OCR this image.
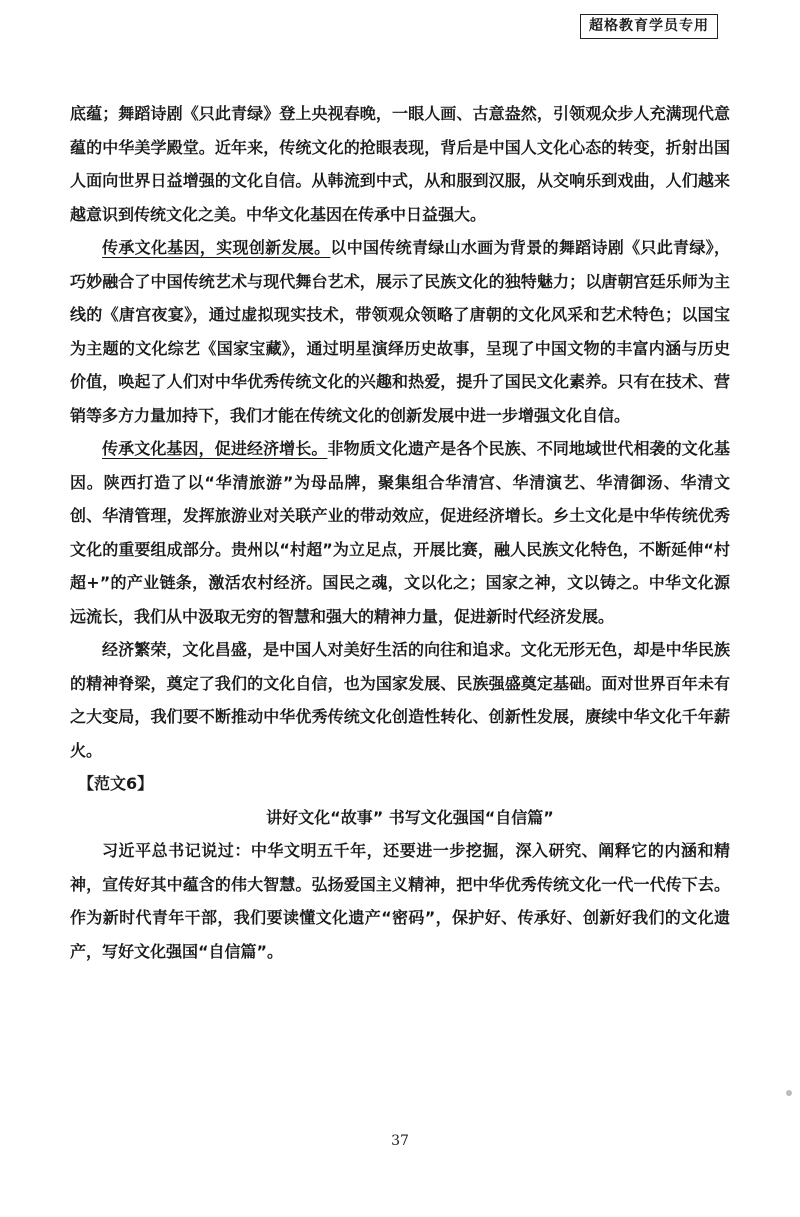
超格教育学员专用

底蕴；舞蹈诗剧《只此青绿》登上央视春晚，一眼人画、古意盎然，引领观众步人充满现代意蕴的中华美学殿堂。近年来，传统文化的抢眼表现，背后是中国人文化心态的转变，折射出国人面向世界日益增强的文化自信。从韩流到中式，从和服到汉服，从交响乐到戏曲，人们越来越意识到传统文化之美。中华文化基因在传承中日益强大。

传承文化基因，实现创新发展。以中国传统青绿山水画为背景的舞蹈诗剧《只此青绿》，巧妙融合了中国传统艺术与现代舞台艺术，展示了民族文化的独特魅力；以唐朝宫廷乐师为主线的《唐宫夜宴》，通过虚拟现实技术，带领观众领略了唐朝的文化风采和艺术特色；以国宝为主题的文化综艺《国家宝藏》，通过明星演绎历史故事，呈现了中国文物的丰富内涵与历史价值，唤起了人们对中华优秀传统文化的兴趣和热爱，提升了国民文化素养。只有在技术、营销等多方力量加持下，我们才能在传统文化的创新发展中进一步增强文化自信。

传承文化基因，促进经济增长。非物质文化遗产是各个民族、不同地域世代相袭的文化基因。陕西打造了以“华清旅游”为母品牌，聚集组合华清宫、华清演艺、华清御汤、华清文创、华清管理，发挥旅游业对关联产业的带动效应，促进经济增长。乡土文化是中华传统优秀文化的重要组成部分。贵州以“村超”为立足点，开展比赛，融人民族文化特色，不断延伸“村超+”的产业链条，激活农村经济。国民之魂，文以化之；国家之神，文以铸之。中华文化源远流长，我们从中汲取无穷的智慧和强大的精神力量，促进新时代经济发展。

经济繁荣，文化昌盛，是中国人对美好生活的向往和追求。文化无形无色，却是中华民族的精神脊梁，奠定了我们的文化自信，也为国家发展、民族强盛奠定基础。面对世界百年未有之大变局，我们要不断推动中华优秀传统文化创造性转化、创新性发展，赓续中华文化千年薪火。

【范文6】

讲好文化“故事” 书写文化强国“自信篇”

习近平总书记说过：中华文明五千年，还要进一步挖掘，深入研究、阐释它的内涵和精神，宣传好其中蕴含的伟大智慧。弘扬爱国主义精神，把中华优秀传统文化一代一代传下去。作为新时代青年干部，我们要读懂文化遗产“密码”，保护好、传承好、创新好我们的文化遗产，写好文化强国“自信篇”。

37
